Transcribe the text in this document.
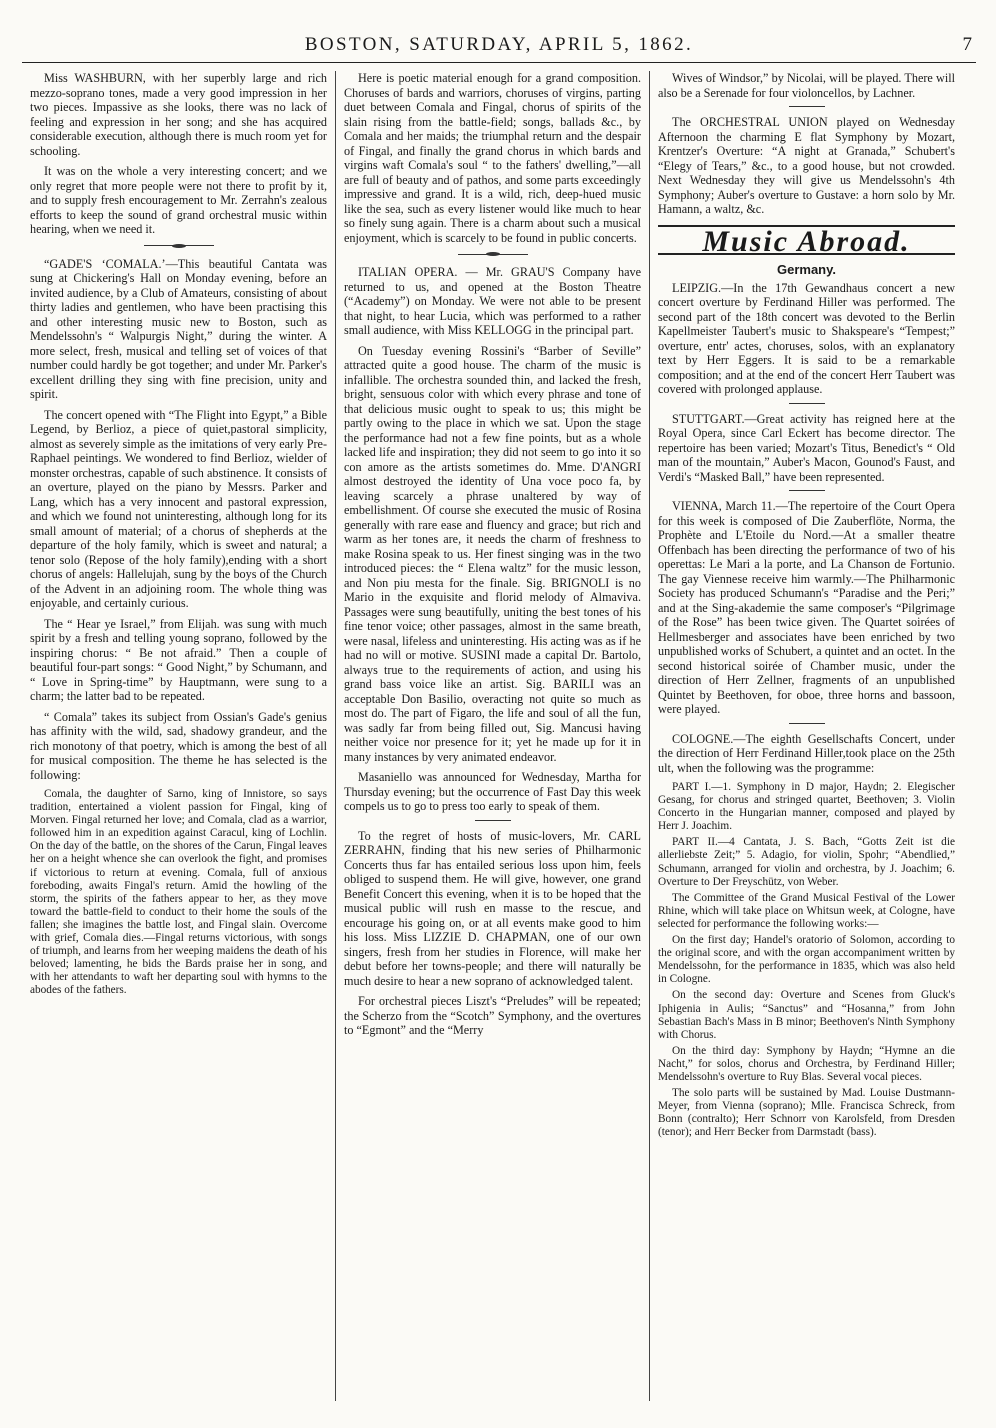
BOSTON, SATURDAY, APRIL 5, 1862.	7

Miss WASHBURN, with her superbly large and rich mezzo-soprano tones, made a very good impression in her two pieces. Impassive as she looks, there was no lack of feeling and expression in her song; and she has acquired considerable execution, although there is much room yet for schooling.

It was on the whole a very interesting concert; and we only regret that more people were not there to profit by it, and to supply fresh encouragement to Mr. Zerrahn's zealous efforts to keep the sound of grand orchestral music within hearing, when we need it.

“GADE'S ‘COMALA.’—This beautiful Cantata was sung at Chickering's Hall on Monday evening, before an invited audience, by a Club of Amateurs, consisting of about thirty ladies and gentlemen, who have been practising this and other interesting music new to Boston, such as Mendelssohn's “ Walpurgis Night,” during the winter. A more select, fresh, musical and telling set of voices of that number could hardly be got together; and under Mr. Parker's excellent drilling they sing with fine precision, unity and spirit.

The concert opened with “The Flight into Egypt,” a Bible Legend, by Berlioz, a piece of quiet,pastoral simplicity, almost as severely simple as the imitations of very early Pre-Raphael peintings. We wondered to find Berlioz, wielder of monster orchestras, capable of such abstinence. It consists of an overture, played on the piano by Messrs. Parker and Lang, which has a very innocent and pastoral expression, and which we found not uninteresting, although long for its small amount of material; of a chorus of shepherds at the departure of the holy family, which is sweet and natural; a tenor solo (Repose of the holy family),ending with a short chorus of angels: Hallelujah, sung by the boys of the Church of the Advent in an adjoining room. The whole thing was enjoyable, and certainly curious.

The “ Hear ye Israel,” from Elijah. was sung with much spirit by a fresh and telling young soprano, followed by the inspiring chorus: “ Be not afraid.” Then a couple of beautiful four-part songs: “ Good Night,” by Schumann, and “ Love in Spring-time” by Hauptmann, were sung to a charm; the latter bad to be repeated.

“ Comala” takes its subject from Ossian's Gade's genius has affinity with the wild, sad, shadowy grandeur, and the rich monotony of that poetry, which is among the best of all for musical composition. The theme he has selected is the following:

Comala, the daughter of Sarno, king of Innistore, so says tradition, entertained a violent passion for Fingal, king of Morven. Fingal returned her love; and Comala, clad as a warrior, followed him in an expedition against Caracul, king of Lochlin. On the day of the battle, on the shores of the Carun, Fingal leaves her on a height whence she can overlook the fight, and promises if victorious to return at evening. Comala, full of anxious foreboding, awaits Fingal's return. Amid the howling of the storm, the spirits of the fathers appear to her, as they move toward the battle-field to conduct to their home the souls of the fallen; she imagines the battle lost, and Fingal slain. Overcome with grief, Comala dies.—Fingal returns victorious, with songs of triumph, and learns from her weeping maidens the death of his beloved; lamenting, he bids the Bards praise her in song, and with her attendants to waft her departing soul with hymns to the abodes of the fathers.

Here is poetic material enough for a grand composition. Choruses of bards and warriors, choruses of virgins, parting duet between Comala and Fingal, chorus of spirits of the slain rising from the battle-field; songs, ballads &c., by Comala and her maids; the triumphal return and the despair of Fingal, and finally the grand chorus in which bards and virgins waft Comala's soul “ to the fathers' dwelling,”—all are full of beauty and of pathos, and some parts exceedingly impressive and grand. It is a wild, rich, deep-hued music like the sea, such as every listener would like much to hear so finely sung again. There is a charm about such a musical enjoyment, which is scarcely to be found in public concerts.

ITALIAN OPERA. — Mr. GRAU'S Company have returned to us, and opened at the Boston Theatre (“Academy”) on Monday. We were not able to be present that night, to hear Lucia, which was performed to a rather small audience, with Miss KELLOGG in the principal part.

On Tuesday evening Rossini's “Barber of Seville” attracted quite a good house. The charm of the music is infallible. The orchestra sounded thin, and lacked the fresh, bright, sensuous color with which every phrase and tone of that delicious music ought to speak to us; this might be partly owing to the place in which we sat. Upon the stage the performance had not a few fine points, but as a whole lacked life and inspiration; they did not seem to go into it so con amore as the artists sometimes do. Mme. D'ANGRI almost destroyed the identity of Una voce poco fa, by leaving scarcely a phrase unaltered by way of embellishment. Of course she executed the music of Rosina generally with rare ease and fluency and grace; but rich and warm as her tones are, it needs the charm of freshness to make Rosina speak to us. Her finest singing was in the two introduced pieces: the “ Elena waltz” for the music lesson, and Non piu mesta for the finale. Sig. BRIGNOLI is no Mario in the exquisite and florid melody of Almaviva. Passages were sung beautifully, uniting the best tones of his fine tenor voice; other passages, almost in the same breath, were nasal, lifeless and uninteresting. His acting was as if he had no will or motive. SUSINI made a capital Dr. Bartolo, always true to the requirements of action, and using his grand bass voice like an artist. Sig. BARILI was an acceptable Don Basilio, overacting not quite so much as most do. The part of Figaro, the life and soul of all the fun, was sadly far from being filled out, Sig. Mancusi having neither voice nor presence for it; yet he made up for it in many instances by very animated endeavor.

Masaniello was announced for Wednesday, Martha for Thursday evening; but the occurrence of Fast Day this week compels us to go to press too early to speak of them.

To the regret of hosts of music-lovers, Mr. CARL ZERRAHN, finding that his new series of Philharmonic Concerts thus far has entailed serious loss upon him, feels obliged to suspend them. He will give, however, one grand Benefit Concert this evening, when it is to be hoped that the musical public will rush en masse to the rescue, and encourage his going on, or at all events make good to him his loss. Miss LIZZIE D. CHAPMAN, one of our own singers, fresh from her studies in Florence, will make her debut before her towns-people; and there will naturally be much desire to hear a new soprano of acknowledged talent.

For orchestral pieces Liszt's “Preludes” will be repeated; the Scherzo from the “Scotch” Symphony, and the overtures to “Egmont” and the “Merry

Wives of Windsor,” by Nicolai, will be played. There will also be a Serenade for four violoncellos, by Lachner.

The ORCHESTRAL UNION played on Wednesday Afternoon the charming E flat Symphony by Mozart, Krentzer's Overture: “A night at Granada,” Schubert's “Elegy of Tears,” &c., to a good house, but not crowded. Next Wednesday they will give us Mendelssohn's 4th Symphony; Auber's overture to Gustave: a horn solo by Mr. Hamann, a waltz, &c.

Music Abroad.
Germany.

LEIPZIG.—In the 17th Gewandhaus concert a new concert overture by Ferdinand Hiller was performed. The second part of the 18th concert was devoted to the Berlin Kapellmeister Taubert's music to Shakspeare's “Tempest;” overture, entr' actes, choruses, solos, with an explanatory text by Herr Eggers. It is said to be a remarkable composition; and at the end of the concert Herr Taubert was covered with prolonged applause.

STUTTGART.—Great activity has reigned here at the Royal Opera, since Carl Eckert has become director. The repertoire has been varied; Mozart's Titus, Benedict's “ Old man of the mountain,” Auber's Macon, Gounod's Faust, and Verdi's “Masked Ball,” have been represented.

VIENNA, March 11.—The repertoire of the Court Opera for this week is composed of Die Zauberflöte, Norma, the Prophète and L'Etoile du Nord.—At a smaller theatre Offenbach has been directing the performance of two of his operettas: Le Mari a la porte, and La Chanson de Fortunio. The gay Viennese receive him warmly.—The Philharmonic Society has produced Schumann's “Paradise and the Peri;” and at the Sing-akademie the same composer's “Pilgrimage of the Rose” has been twice given. The Quartet soirées of Hellmesberger and associates have been enriched by two unpublished works of Schubert, a quintet and an octet. In the second historical soirée of Chamber music, under the direction of Herr Zellner, fragments of an unpublished Quintet by Beethoven, for oboe, three horns and bassoon, were played.

COLOGNE.—The eighth Gesellschafts Concert, under the direction of Herr Ferdinand Hiller,took place on the 25th ult, when the following was the programme:

PART I.—1. Symphony in D major, Haydn; 2. Elegischer Gesang, for chorus and stringed quartet, Beethoven; 3. Violin Concerto in the Hungarian manner, composed and played by Herr J. Joachim.

PART II.—4 Cantata, J. S. Bach, “Gotts Zeit ist die allerliebste Zeit;” 5. Adagio, for violin, Spohr; “Abendlied,” Schumann, arranged for violin and orchestra, by J. Joachim; 6. Overture to Der Freyschütz, von Weber.

The Committee of the Grand Musical Festival of the Lower Rhine, which will take place on Whitsun week, at Cologne, have selected for performance the following works:—

On the first day; Handel's oratorio of Solomon, according to the original score, and with the organ accompaniment written by Mendelssohn, for the performance in 1835, which was also held in Cologne.

On the second day: Overture and Scenes from Gluck's Iphigenia in Aulis; “Sanctus” and “Hosanna,” from John Sebastian Bach's Mass in B minor; Beethoven's Ninth Symphony with Chorus.

On the third day: Symphony by Haydn; “Hymne an die Nacht,” for solos, chorus and Orchestra, by Ferdinand Hiller; Mendelssohn's overture to Ruy Blas. Several vocal pieces.

The solo parts will be sustained by Mad. Louise Dustmann-Meyer, from Vienna (soprano); Mlle. Francisca Schreck, from Bonn (contralto); Herr Schnorr von Karolsfeld, from Dresden (tenor); and Herr Becker from Darmstadt (bass).
